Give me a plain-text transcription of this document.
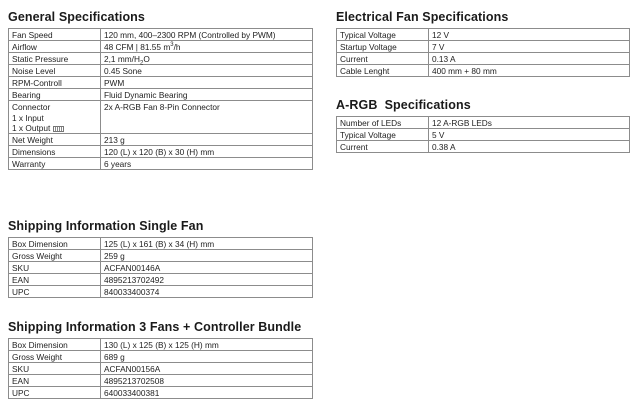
General Specifications
Fan Speed	120 mm, 400–2300 RPM (Controlled by PWM)
Airflow	48 CFM | 81.55 $m^3/h$
Static Pressure	2,1 $mm/H_2O$
Noise Level	0.45 Sone
RPM-Controll	PWM
Bearing	Fluid Dynamic Bearing

Connector
1 x Input
1 x Output	2x A-RGB Fan 8-Pin Connector
Net Weight	213 g
Dimensions	120 (L) x 120 (B) x 30 (H) mm
Warranty	6 years
Electrical Fan Specifications
Typical Voltage	12 V
Startup Voltage	7 V
Current	0.13 A
Cable Lenght	400 mm + 80 mm
A-RGB  Specifications
Number of LEDs	12 A-RGB LEDs
Typical Voltage	5 V
Current	0.38 A
Shipping Information Single Fan
Box Dimension	125 (L) x 161 (B) x 34 (H) mm
Gross Weight	259 g
SKU	ACFAN00146A
EAN	4895213702492
UPC	840033400374
Shipping Information 3 Fans + Controller Bundle
Box Dimension	130 (L) x 125 (B) x 125 (H) mm
Gross Weight	689 g
SKU	ACFAN00156A
EAN	4895213702508
UPC	640033400381
